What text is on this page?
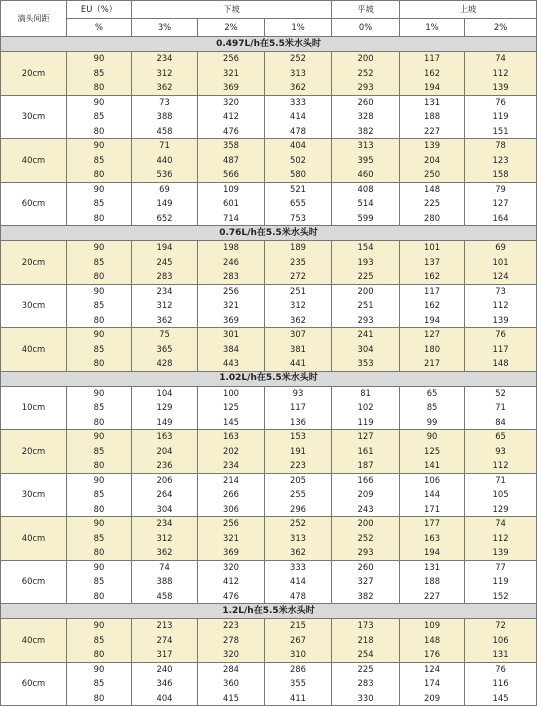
滴头间距	EU（%）	下坡			平坡	上坡	
	%	3%	2%	1%	0%	1%	2%
0.497L/h在5.5米水头时							
20cm	90	234	256	252	200	117	74
	85	312	321	313	252	162	112
	80	362	369	362	293	194	139
30cm	90	73	320	333	260	131	76
	85	388	412	414	328	188	119
	80	458	476	478	382	227	151
40cm	90	71	358	404	313	139	78
	85	440	487	502	395	204	123
	80	536	566	580	460	250	158
60cm	90	69	109	521	408	148	79
	85	149	601	655	514	225	127
	80	652	714	753	599	280	164
0.76L/h在5.5米水头时							
20cm	90	194	198	189	154	101	69
	85	245	246	235	193	137	101
	80	283	283	272	225	162	124
30cm	90	234	256	251	200	117	73
	85	312	321	312	251	162	112
	80	362	369	362	293	194	139
40cm	90	75	301	307	241	127	76
	85	365	384	381	304	180	117
	80	428	443	441	353	217	148
1.02L/h在5.5米水头时							
10cm	90	104	100	93	81	65	52
	85	129	125	117	102	85	71
	80	149	145	136	119	99	84
20cm	90	163	163	153	127	90	65
	85	204	202	191	161	125	93
	80	236	234	223	187	141	112
30cm	90	206	214	205	166	106	71
	85	264	266	255	209	144	105
	80	304	306	296	243	171	129
40cm	90	234	256	252	200	177	74
	85	312	321	313	252	163	112
	80	362	369	362	293	194	139
60cm	90	74	320	333	260	131	77
	85	388	412	414	327	188	119
	80	458	476	478	382	227	152
1.2L/h在5.5米水头时							
40cm	90	213	223	215	173	109	72
	85	274	278	267	218	148	106
	80	317	320	310	254	176	131
60cm	90	240	284	286	225	124	76
	85	346	360	355	283	174	116
	80	404	415	411	330	209	145
